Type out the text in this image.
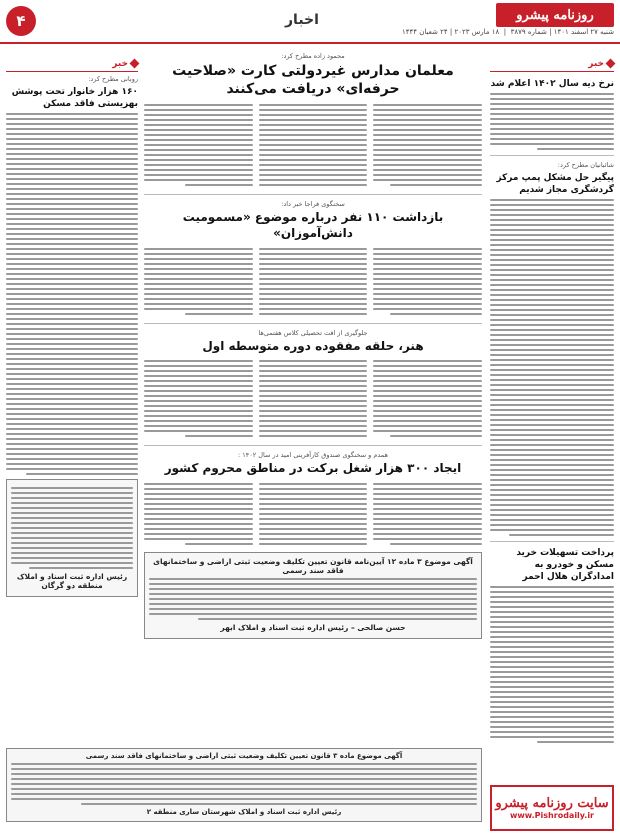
۴	اخبار	روزنامه پیشرو
شنبه ۲۷ اسفند ۱۴۰۱ | شماره ۳۸۷۹  |  ۱۸ مارس ۲۰۲۳ | ۲۴ شعبان ۱۴۴۴
خبر
نرخ دیه سال ۱۴۰۲ اعلام شد
شائبانیان مطرح کرد:
پیگیر حل مشکل پمپ مرکز گردشگری مجاز شدیم
پرداخت تسهیلات خرید مسکن و خودرو به امدادگران هلال احمر
محمود زاده مطرح کرد:
معلمان مدارس غیردولتی کارت «صلاحیت حرفه‌ای» دریافت می‌کنند
سخنگوی فراجا خبر داد:
بازداشت ۱۱۰ نفر درباره موضوع «مسمومیت دانش‌آموزان»
جلوگیری از افت تحصیلی کلاس هفتمی‌ها
هنر، حلقه مفقوده دوره متوسطه اول
همدم و سخنگوی صندوق کارآفرینی امید در سال ۱۴۰۲ :
ایجاد ۳۰۰ هزار شغل برکت در مناطق محروم کشور
آگهی موضوع ۳ ماده ۱۲ آیین‌نامه قانون تعیین تکلیف وضعیت ثبتی اراضی و ساختمانهای فاقد سند رسمی
حسن صالحی – رئیس اداره ثبت اسناد و املاک ابهر
خبر
روبانی مطرح کرد:
۱۶۰ هزار خانوار تحت پوشش بهزیستی فاقد مسکن
رئیس اداره ثبت اسناد و املاک منطقه دو گرگان
آگهی موضوع ماده ۳ قانون تعیین تکلیف وضعیت ثبتی اراضی و ساختمانهای فاقد سند رسمی
رئیس اداره ثبت اسناد و املاک شهرستان ساری منطقه ۲
سایت روزنامه پیشرو
www.Pishrodaily.ir
